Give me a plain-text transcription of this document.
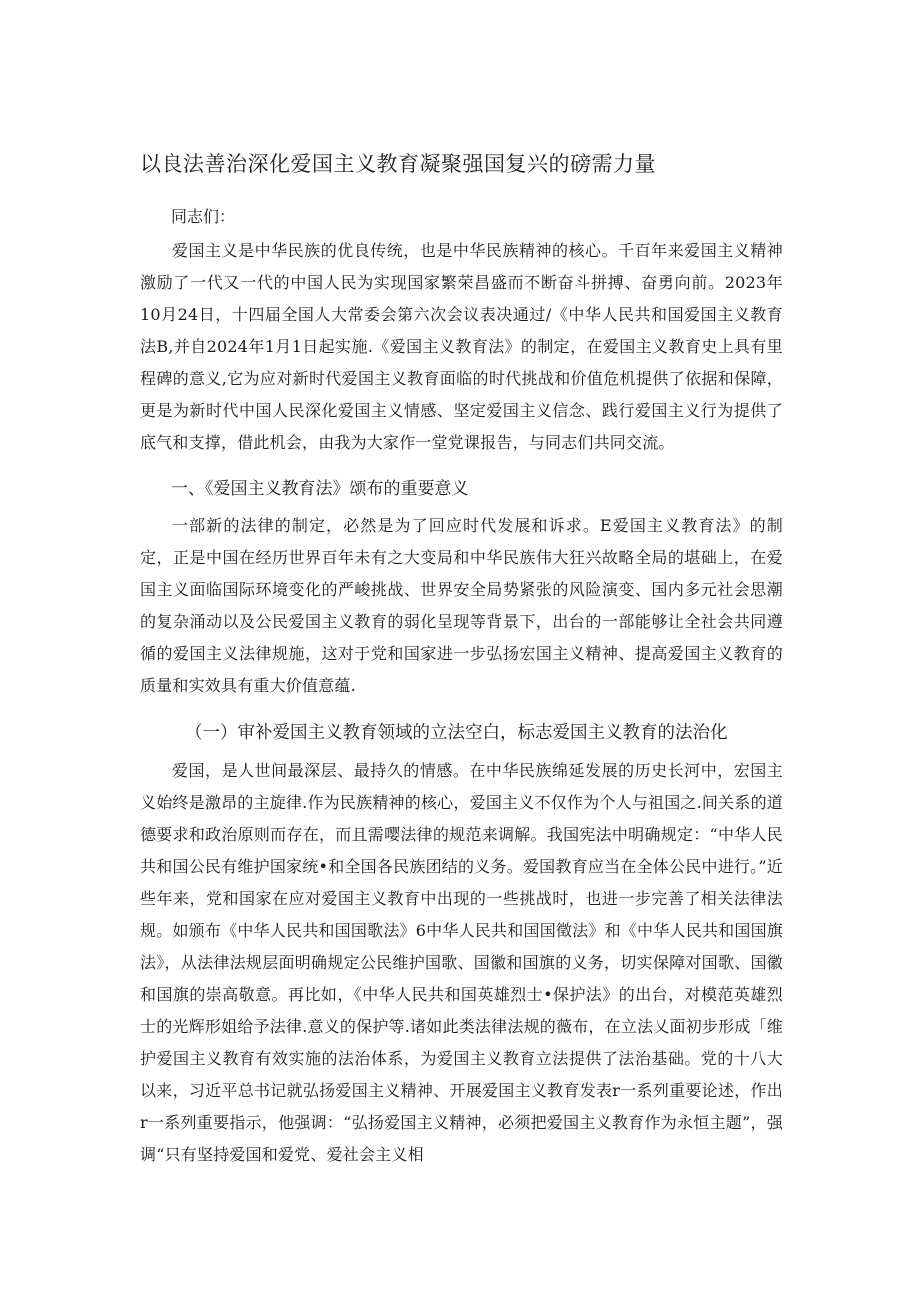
以良法善治深化爱国主义教育凝聚强国复兴的磅需力量
同志们：
爱国主义是中华民族的优良传统，也是中华民族精神的核心。千百年来爱国主义精神激励了一代又一代的中国人民为实现国家繁荣昌盛而不断奋斗拼搏、奋勇向前。2023年10月24日，十四届全国人大常委会第六次会议表决通过/《中华人民共和国爱国主义教育法B,并自2024年1月1日起实施.《爱国主义教育法》的制定，在爱国主义教育史上具有里程碑的意义,它为应对新时代爱国主义教育面临的时代挑战和价值危机提供了依据和保障，更是为新时代中国人民深化爱国主义情感、坚定爱国主义信念、践行爱国主义行为提供了底气和支撑，借此机会，由我为大家作一堂党课报告，与同志们共同交流。
一、《爱国主义教育法》颂布的重要意义
一部新的法律的制定，必然是为了回应时代发展和诉求。E爱国主义教育法》的制定，正是中国在经历世界百年未有之大变局和中华民族伟大狂兴故略全局的堪础上，在爱国主义面临国际环境变化的严峻挑战、世界安全局势紧张的风险演变、国内多元社会思潮的复杂涌动以及公民爱国主义教育的弱化呈现等背景下，出台的一部能够让全社会共同遵循的爱国主义法律规施，这对于党和国家进一步弘扬宏国主义精神、提高爱国主义教育的质量和实效具有重大价值意蕴.
（一）审补爱国主义教育领域的立法空白，标志爱国主义教育的法治化
爱国，是人世间最深层、最持久的情感。在中华民族绵延发展的历史长河中，宏国主义始终是激昂的主旋律.作为民族精神的核心，爱国主义不仅作为个人与祖国之.间关系的道德要求和政治原则而存在，而且需嘤法律的规范来调解。我国宪法中明确规定：“中华人民共和国公民有维护国家统•和全国各民族团结的义务。爱国教育应当在全体公民中进行。”近些年来，党和国家在应对爱国主义教育中出现的一些挑战时，也进一步完善了相关法律法规。如颁布《中华人民共和国国歌法》6中华人民共和国国徵法》和《中华人民共和国国旗法》，从法律法规层面明确规定公民维护国歌、国徽和国旗的义务，切实保障对国歌、国徽和国旗的崇高敬意。再比如，《中华人民共和国英雄烈士•保护法》的出台，对模范英雄烈士的光辉形姐给予法律.意义的保护等.诸如此类法律法规的薇布，在立法乂面初步形成「维护爱国主义教育有效实施的法治体系，为爱国主义教育立法提供了法治基础。党的十八大以来，习近平总书记就弘扬爱国主义精神、开展爱国主义教育发表r一系列重要论述，作出r一系列重要指示，他强调：“弘扬爱国主义精神，必须把爱国主义教育作为永恒主题”，强调“只有坚持爱国和爱党、爱社会主义相
